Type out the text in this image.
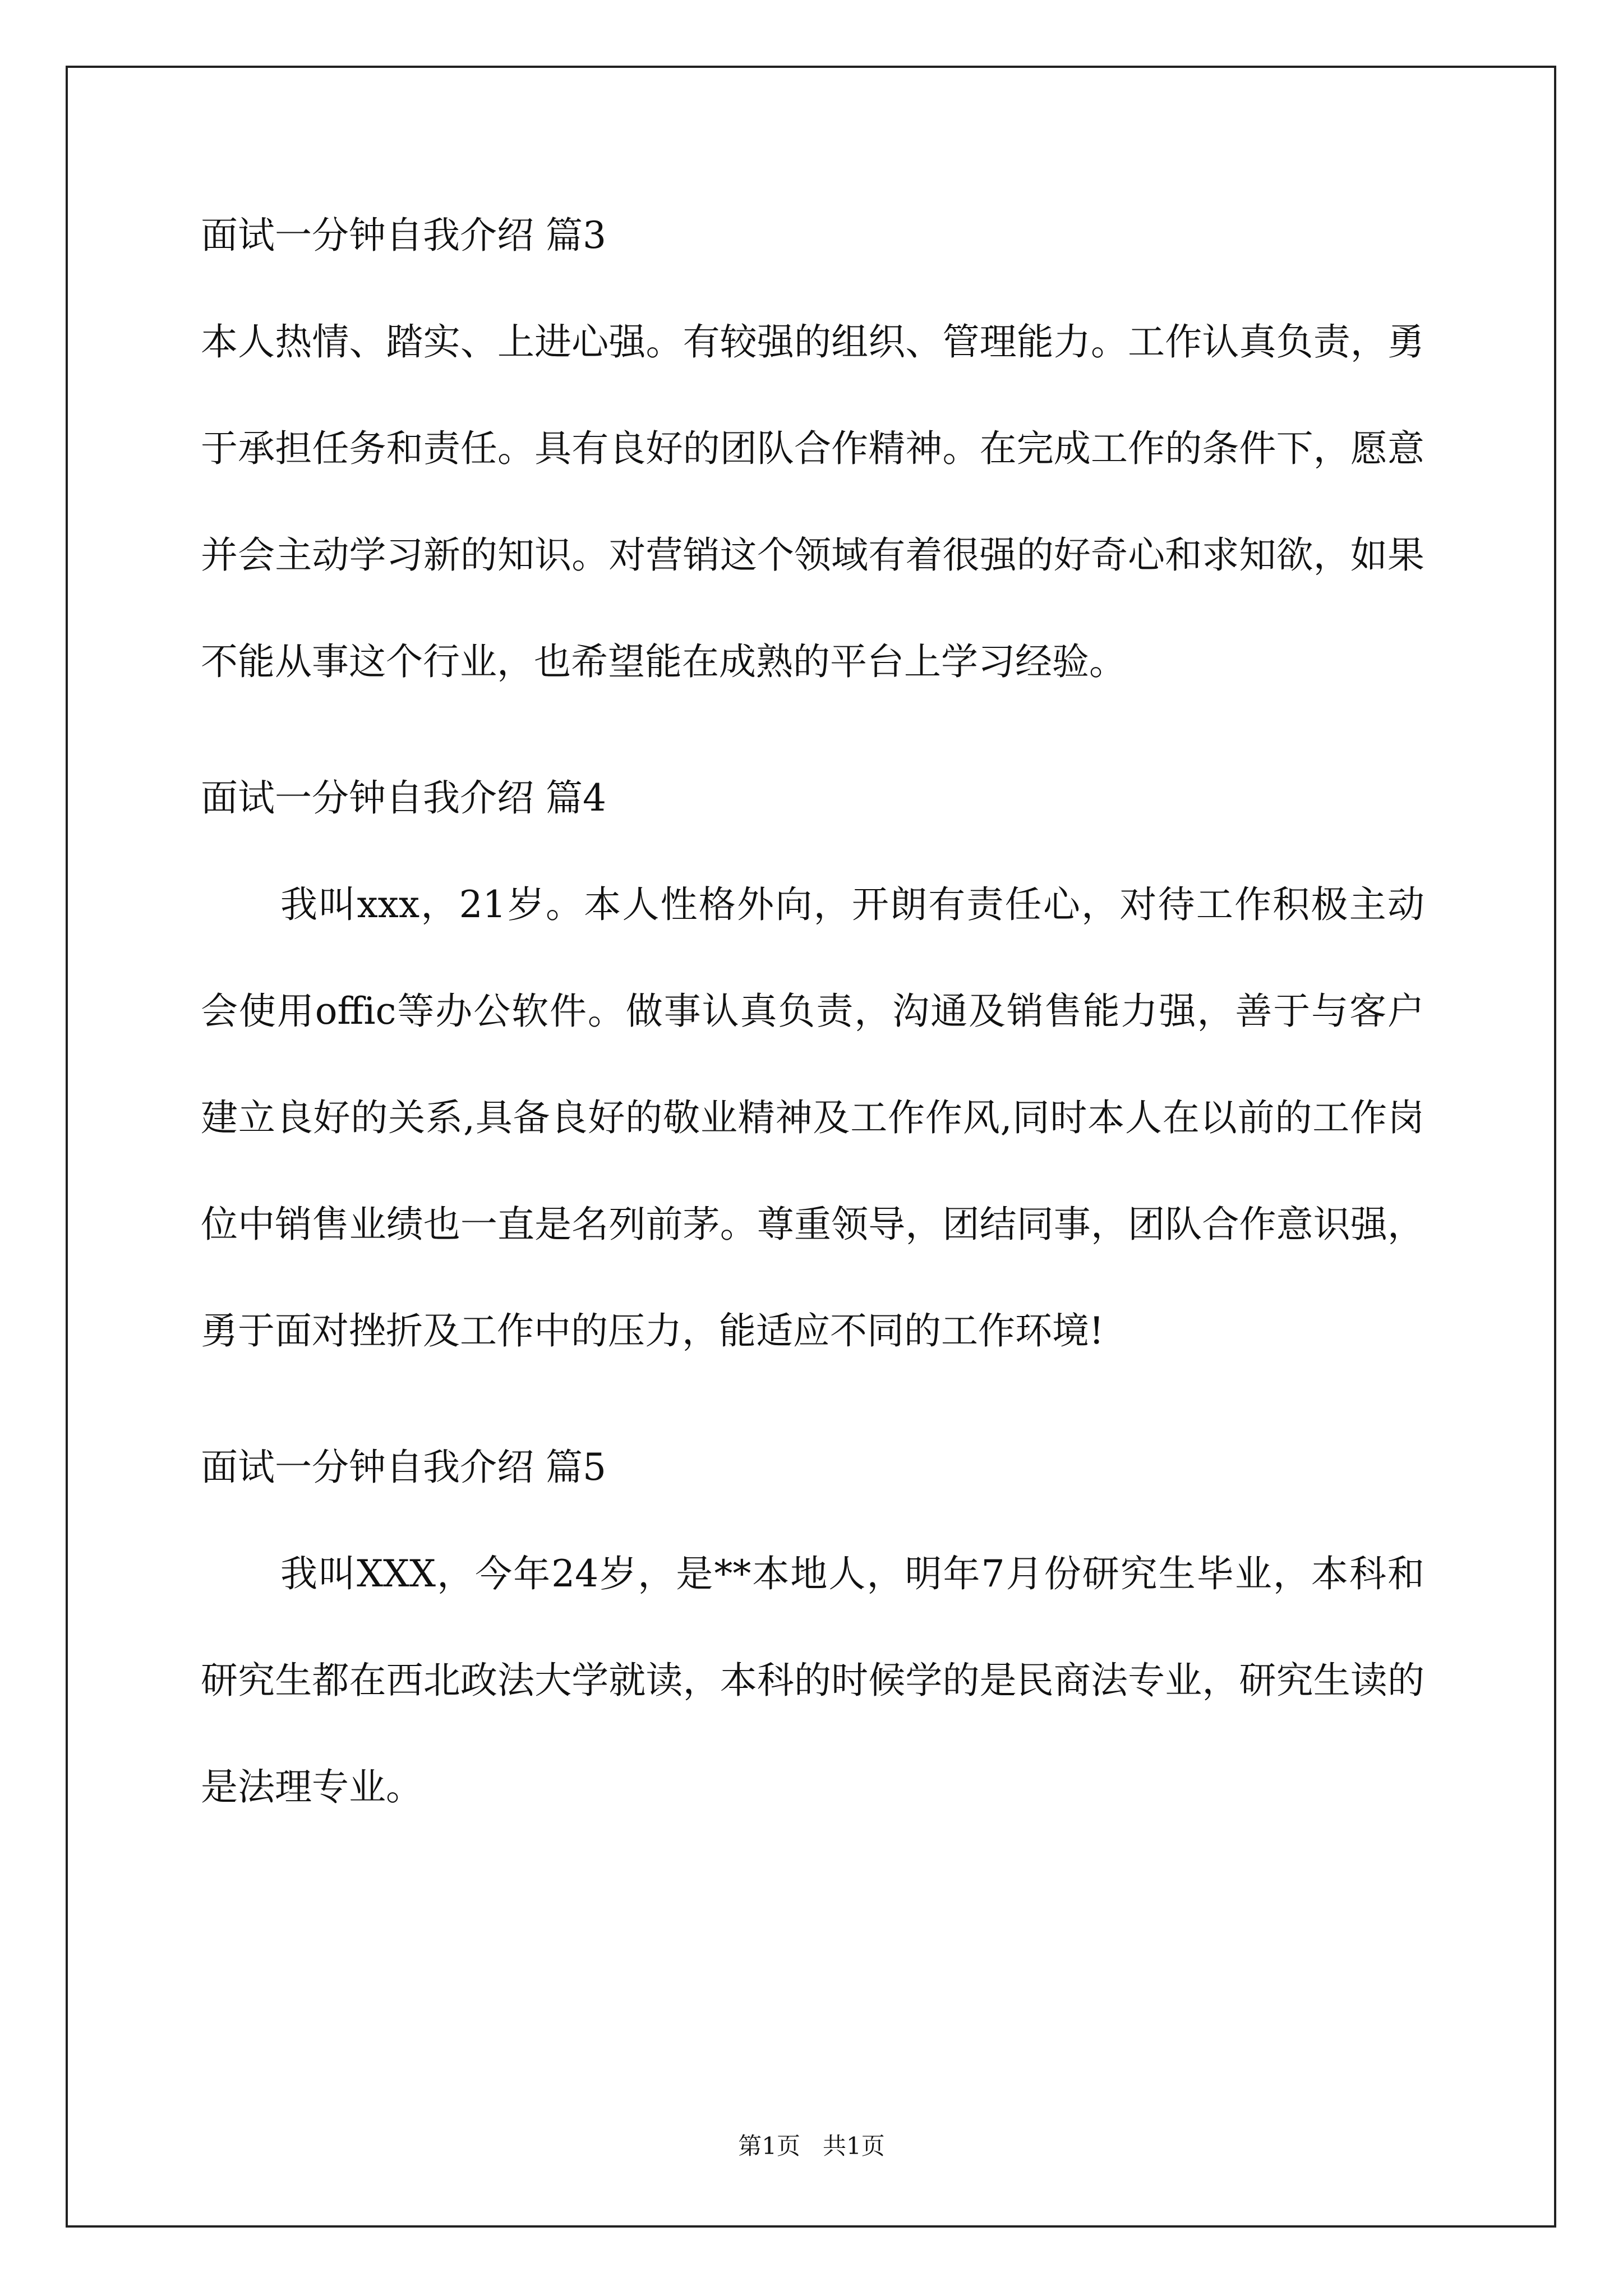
面试一分钟自我介绍 篇3
本人热情、踏实、上进心强。有较强的组织、管理能力。工作认真负责，勇于承担任务和责任。具有良好的团队合作精神。在完成工作的条件下，愿意并会主动学习新的知识。对营销这个领域有着很强的好奇心和求知欲，如果不能从事这个行业，也希望能在成熟的平台上学习经验。
面试一分钟自我介绍 篇4
我叫xxx，21岁。本人性格外向，开朗有责任心，对待工作积极主动会使用offic等办公软件。做事认真负责，沟通及销售能力强，善于与客户建立良好的关系,具备良好的敬业精神及工作作风,同时本人在以前的工作岗位中销售业绩也一直是名列前茅。尊重领导，团结同事，团队合作意识强，勇于面对挫折及工作中的压力，能适应不同的工作环境!
面试一分钟自我介绍 篇5
我叫XXX，今年24岁，是**本地人，明年7月份研究生毕业，本科和研究生都在西北政法大学就读，本科的时候学的是民商法专业，研究生读的是法理专业。
第1页   共1页
